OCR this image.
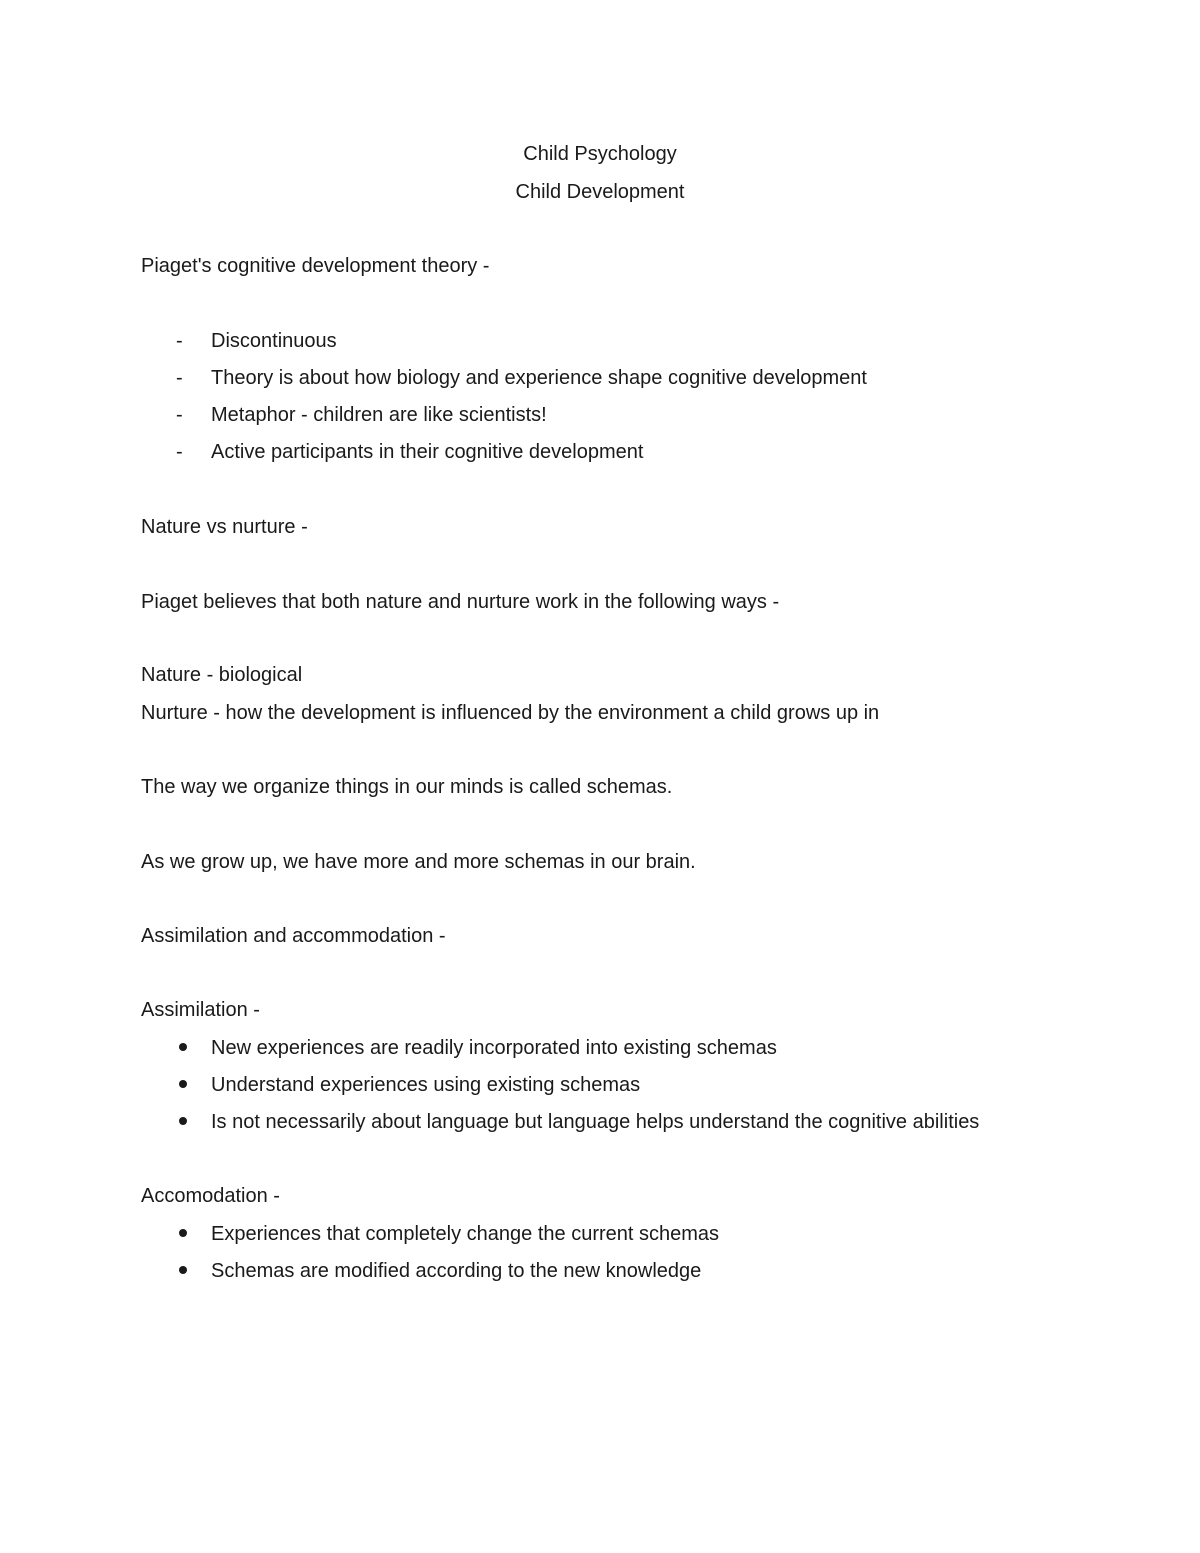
Child Psychology
Child Development
Piaget's cognitive development theory -
- Discontinuous
- Theory is about how biology and experience shape cognitive development
- Metaphor - children are like scientists!
- Active participants in their cognitive development
Nature vs nurture -
Piaget believes that both nature and nurture work in the following ways -
Nature - biological
Nurture - how the development is influenced by the environment a child grows up in
The way we organize things in our minds is called schemas.
As we grow up, we have more and more schemas in our brain.
Assimilation and accommodation -
Assimilation -
New experiences are readily incorporated into existing schemas
Understand experiences using existing schemas
Is not necessarily about language but language helps understand the cognitive abilities
Accomodation -
Experiences that completely change the current schemas
Schemas are modified according to the new knowledge
